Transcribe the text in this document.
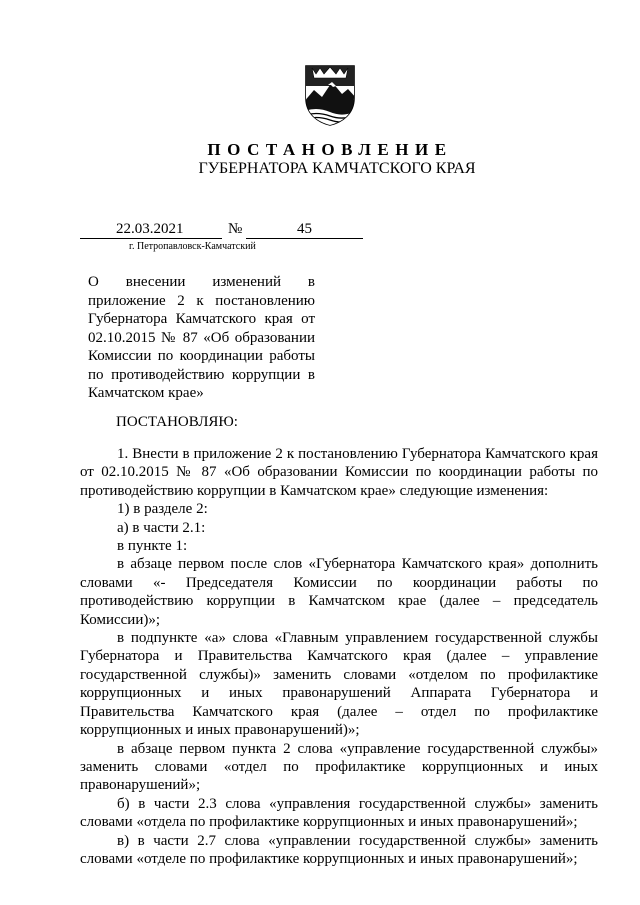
ПОСТАНОВЛЕНИЕ
ГУБЕРНАТОРА КАМЧАТСКОГО КРАЯ
22.03.2021	№	45
г. Петропавловск-Камчатский
О внесении изменений в приложение 2 к постановлению Губернатора Камчатского края от 02.10.2015 № 87 «Об образовании Комиссии по координации работы по противодействию коррупции в Камчатском крае»
ПОСТАНОВЛЯЮ:

1. Внести в приложение 2 к постановлению Губернатора Камчатского края от 02.10.2015 № 87 «Об образовании Комиссии по координации работы по противодействию коррупции в Камчатском крае» следующие изменения:

1) в разделе 2:

а) в части 2.1:

в пункте 1:

в абзаце первом после слов «Губернатора Камчатского края» дополнить словами «- Председателя Комиссии по координации работы по противодействию коррупции в Камчатском крае (далее – председатель Комиссии)»;

в подпункте «а» слова «Главным управлением государственной службы Губернатора и Правительства Камчатского края (далее – управление государственной службы)» заменить словами «отделом по профилактике коррупционных и иных правонарушений Аппарата Губернатора и Правительства Камчатского края (далее – отдел по профилактике коррупционных и иных правонарушений)»;

в абзаце первом пункта 2 слова «управление государственной службы» заменить словами «отдел по профилактике коррупционных и иных правонарушений»;

б) в части 2.3 слова «управления государственной службы» заменить словами «отдела по профилактике коррупционных и иных правонарушений»;

в) в части 2.7 слова «управлении государственной службы» заменить словами «отделе по профилактике коррупционных и иных правонарушений»;
